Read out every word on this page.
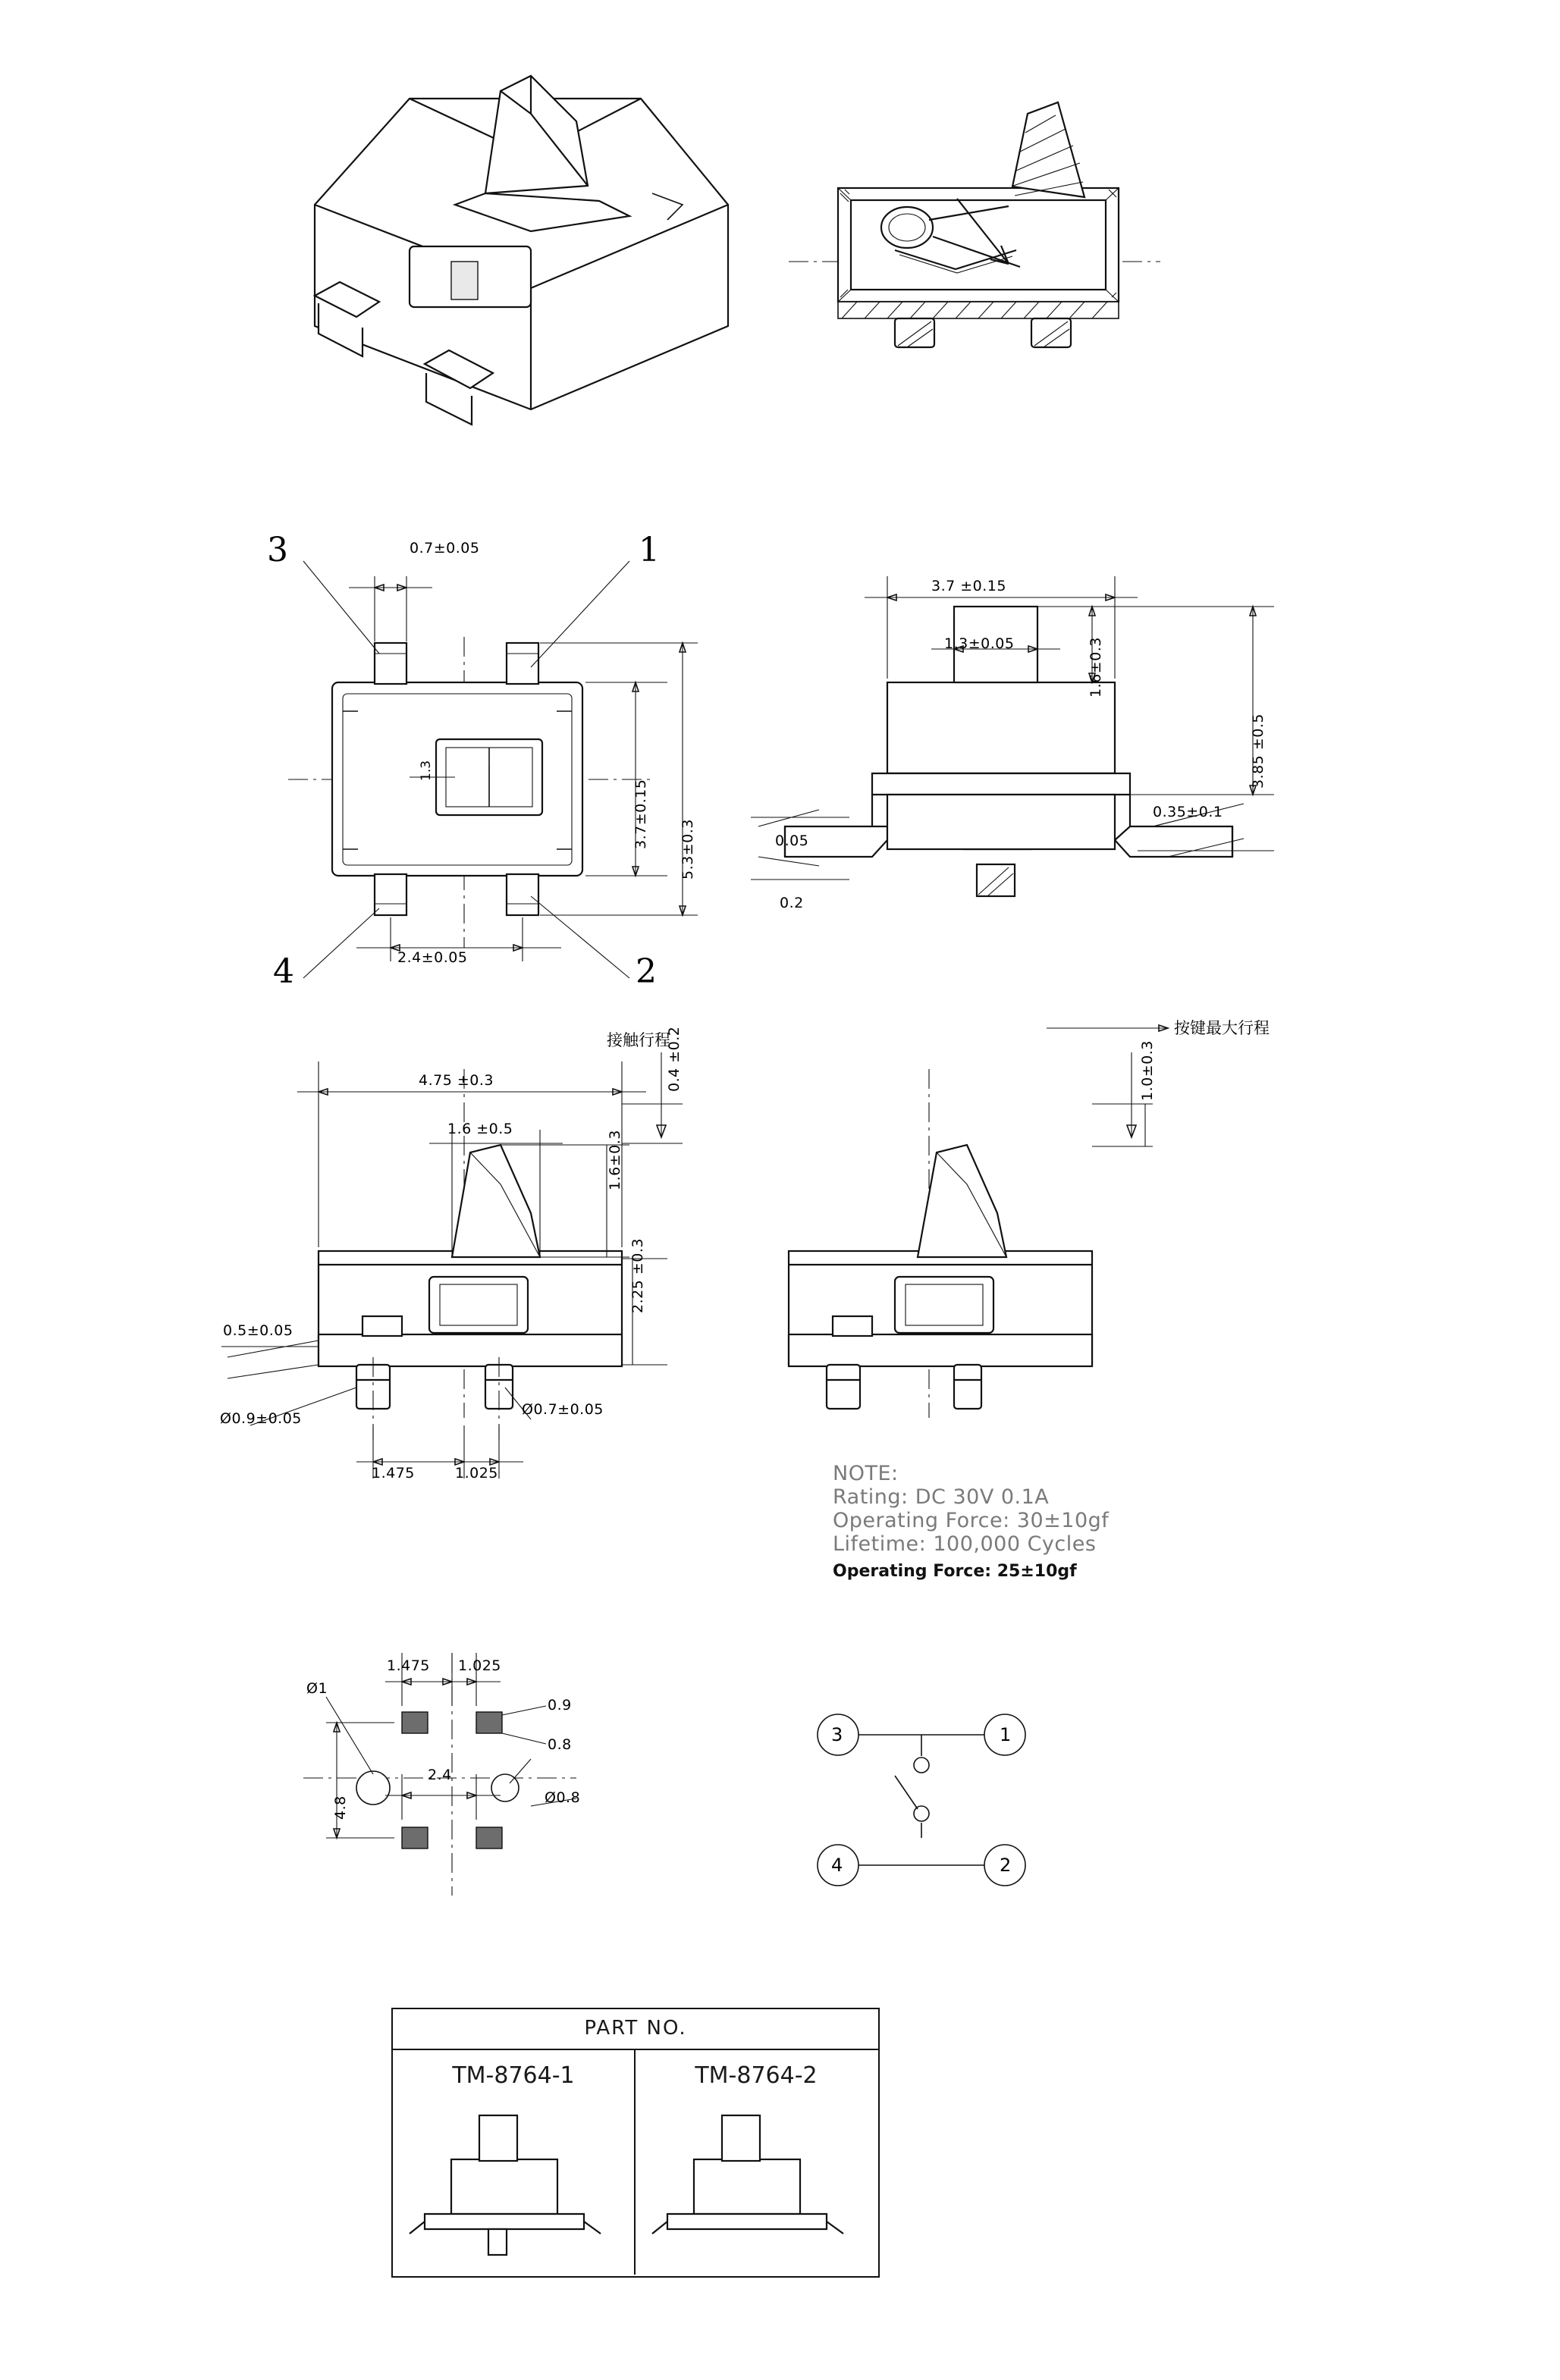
3	1
4	2
0.7±0.05
3.7±0.15
5.3±0.3
1.3
2.4±0.05
3.7 ±0.15
1.3±0.05	1.6±0.3
3.85 ±0.5
0.35±0.1
0.05
0.2
接触行程
4.75 ±0.3	0.4 ±0.2
1.6 ±0.5
1.6±0.3
2.25 ±0.3
0.5±0.05
Ø0.9±0.05
Ø0.7±0.05
1.475	1.025
按键最大行程
1.0±0.3
NOTE:
Rating: DC 30V 0.1A
Operating Force: 30±10gf
Lifetime: 100,000 Cycles
Operating Force: 25±10gf
1.475 1.025
Ø1
0.9
0.8
Ø0.8
4.8
2.4
3	1
4	2
PART NO.
TM-8764-1	TM-8764-2
